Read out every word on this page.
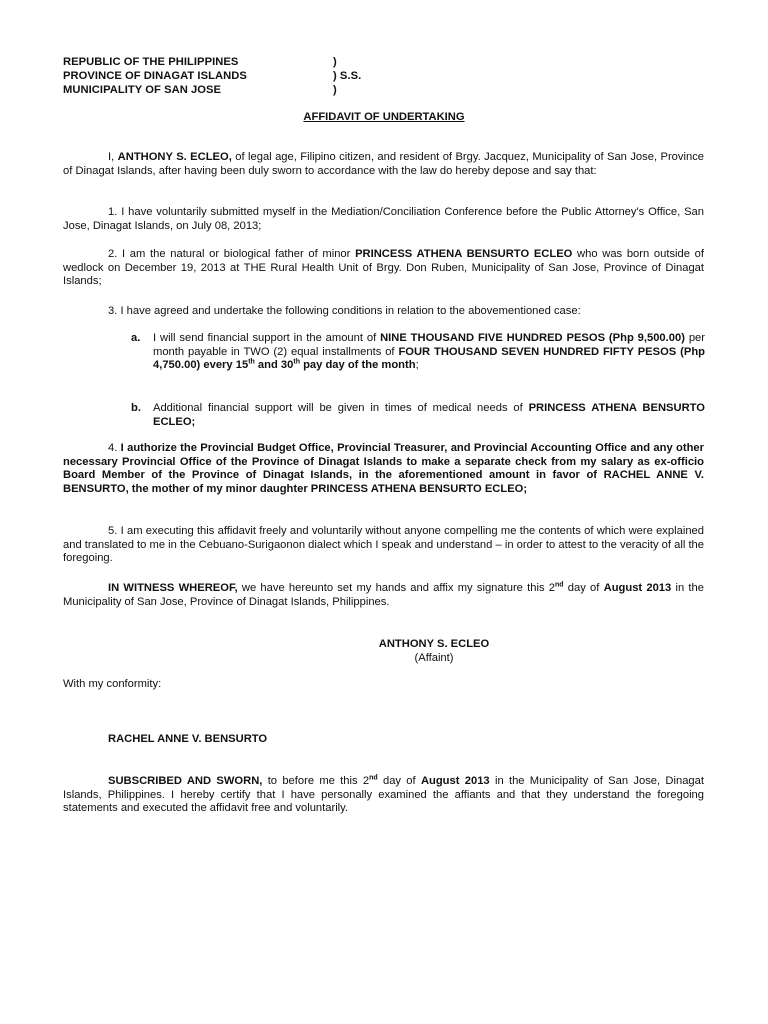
REPUBLIC OF THE PHILIPPINES	)
PROVINCE OF DINAGAT ISLANDS	) S.S.
MUNICIPALITY OF SAN JOSE	)
AFFIDAVIT OF UNDERTAKING
I, ANTHONY S. ECLEO, of legal age, Filipino citizen, and resident of Brgy. Jacquez, Municipality of San Jose, Province of Dinagat Islands, after having been duly sworn to accordance with the law do hereby depose and say that:
1. I have voluntarily submitted myself in the Mediation/Conciliation Conference before the Public Attorney's Office, San Jose, Dinagat Islands, on July 08, 2013;
2. I am the natural or biological father of minor PRINCESS ATHENA BENSURTO ECLEO who was born outside of wedlock on December 19, 2013 at THE Rural Health Unit of Brgy. Don Ruben, Municipality of San Jose, Province of Dinagat Islands;
3. I have agreed and undertake the following conditions in relation to the abovementioned case:
a. I will send financial support in the amount of NINE THOUSAND FIVE HUNDRED PESOS (Php 9,500.00) per month payable in TWO (2) equal installments of FOUR THOUSAND SEVEN HUNDRED FIFTY PESOS (Php 4,750.00) every 15th and 30th pay day of the month;
b. Additional financial support will be given in times of medical needs of PRINCESS ATHENA BENSURTO ECLEO;
4. I authorize the Provincial Budget Office, Provincial Treasurer, and Provincial Accounting Office and any other necessary Provincial Office of the Province of Dinagat Islands to make a separate check from my salary as ex-officio Board Member of the Province of Dinagat Islands, in the aforementioned amount in favor of RACHEL ANNE V. BENSURTO, the mother of my minor daughter PRINCESS ATHENA BENSURTO ECLEO;
5. I am executing this affidavit freely and voluntarily without anyone compelling me the contents of which were explained and translated to me in the Cebuano-Surigaonon dialect which I speak and understand – in order to attest to the veracity of all the foregoing.
IN WITNESS WHEREOF, we have hereunto set my hands and affix my signature this 2nd day of August 2013 in the Municipality of San Jose, Province of Dinagat Islands, Philippines.
ANTHONY S. ECLEO
(Affaint)
With my conformity:
RACHEL ANNE V. BENSURTO
SUBSCRIBED AND SWORN, to before me this 2nd day of August 2013 in the Municipality of San Jose, Dinagat Islands, Philippines. I hereby certify that I have personally examined the affiants and that they understand the foregoing statements and executed the affidavit free and voluntarily.
